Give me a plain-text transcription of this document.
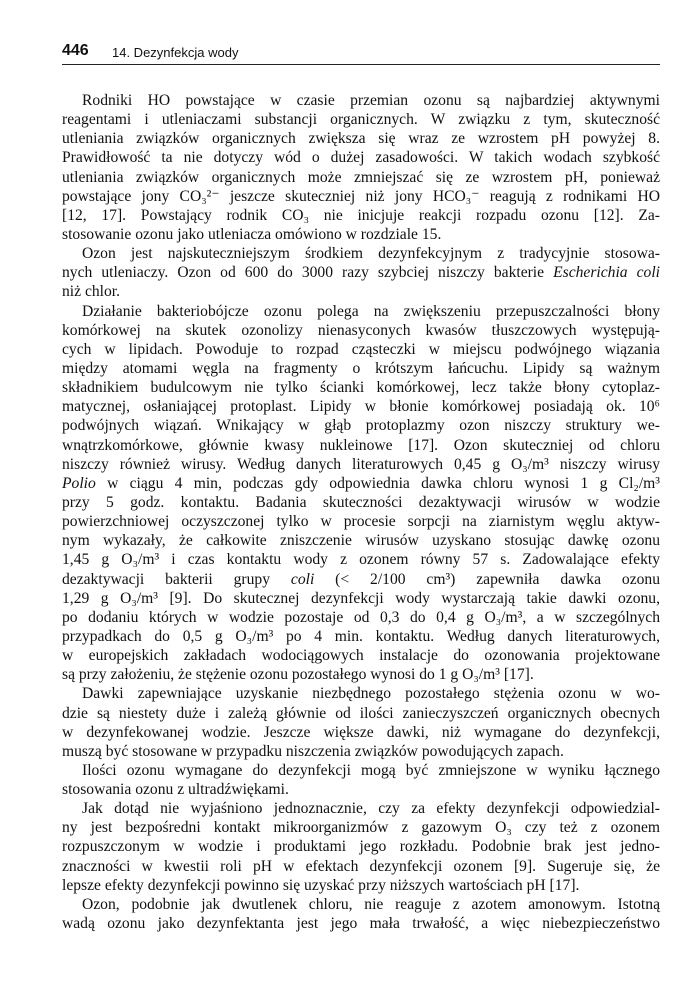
446 14. Dezynfekcja wody
Rodniki HO powstające w czasie przemian ozonu są najbardziej aktywnymi
reagentami i utleniaczami substancji organicznych. W związku z tym, skuteczność
utleniania związków organicznych zwiększa się wraz ze wzrostem pH powyżej 8.
Prawidłowość ta nie dotyczy wód o dużej zasadowości. W takich wodach szybkość
utleniania związków organicznych może zmniejszać się ze wzrostem pH, ponieważ
powstające jony CO₃²⁻ jeszcze skuteczniej niż jony HCO₃⁻ reagują z rodnikami HO
[12, 17]. Powstający rodnik CO₃ nie inicjuje reakcji rozpadu ozonu [12]. Za-
stosowanie ozonu jako utleniacza omówiono w rozdziale 15.
Ozon jest najskuteczniejszym środkiem dezynfekcyjnym z tradycyjnie stosowa-
nych utleniaczy. Ozon od 600 do 3000 razy szybciej niszczy bakterie Escherichia coli
niż chlor.
Działanie bakteriobójcze ozonu polega na zwiększeniu przepuszczalności błony
komórkowej na skutek ozonolizy nienasyconych kwasów tłuszczowych występują-
cych w lipidach. Powoduje to rozpad cząsteczki w miejscu podwójnego wiązania
między atomami węgla na fragmenty o krótszym łańcuchu. Lipidy są ważnym
składnikiem budulcowym nie tylko ścianki komórkowej, lecz także błony cytoplaz-
matycznej, osłaniającej protoplast. Lipidy w błonie komórkowej posiadają ok. 10⁶
podwójnych wiązań. Wnikający w głąb protoplazmy ozon niszczy struktury we-
wnątrzkomórkowe, głównie kwasy nukleinowe [17]. Ozon skuteczniej od chloru
niszczy również wirusy. Według danych literaturowych 0,45 g O₃/m³ niszczy wirusy
Polio w ciągu 4 min, podczas gdy odpowiednia dawka chloru wynosi 1 g Cl₂/m³
przy 5 godz. kontaktu. Badania skuteczności dezaktywacji wirusów w wodzie
powierzchniowej oczyszczonej tylko w procesie sorpcji na ziarnistym węglu aktyw-
nym wykazały, że całkowite zniszczenie wirusów uzyskano stosując dawkę ozonu
1,45 g O₃/m³ i czas kontaktu wody z ozonem równy 57 s. Zadowalające efekty
dezaktywacji bakterii grupy coli (< 2/100 cm³) zapewniła dawka ozonu
1,29 g O₃/m³ [9]. Do skutecznej dezynfekcji wody wystarczają takie dawki ozonu,
po dodaniu których w wodzie pozostaje od 0,3 do 0,4 g O₃/m³, a w szczególnych
przypadkach do 0,5 g O₃/m³ po 4 min. kontaktu. Według danych literaturowych,
w europejskich zakładach wodociągowych instalacje do ozonowania projektowane
są przy założeniu, że stężenie ozonu pozostałego wynosi do 1 g O₃/m³ [17].
Dawki zapewniające uzyskanie niezbędnego pozostałego stężenia ozonu w wo-
dzie są niestety duże i zależą głównie od ilości zanieczyszczeń organicznych obecnych
w dezynfekowanej wodzie. Jeszcze większe dawki, niż wymagane do dezynfekcji,
muszą być stosowane w przypadku niszczenia związków powodujących zapach.
Ilości ozonu wymagane do dezynfekcji mogą być zmniejszone w wyniku łącznego
stosowania ozonu z ultradźwiękami.
Jak dotąd nie wyjaśniono jednoznacznie, czy za efekty dezynfekcji odpowiedzial-
ny jest bezpośredni kontakt mikroorganizmów z gazowym O₃ czy też z ozonem
rozpuszczonym w wodzie i produktami jego rozkładu. Podobnie brak jest jedno-
znaczności w kwestii roli pH w efektach dezynfekcji ozonem [9]. Sugeruje się, że
lepsze efekty dezynfekcji powinno się uzyskać przy niższych wartościach pH [17].
Ozon, podobnie jak dwutlenek chloru, nie reaguje z azotem amonowym. Istotną
wadą ozonu jako dezynfektanta jest jego mała trwałość, a więc niebezpieczeństwo
